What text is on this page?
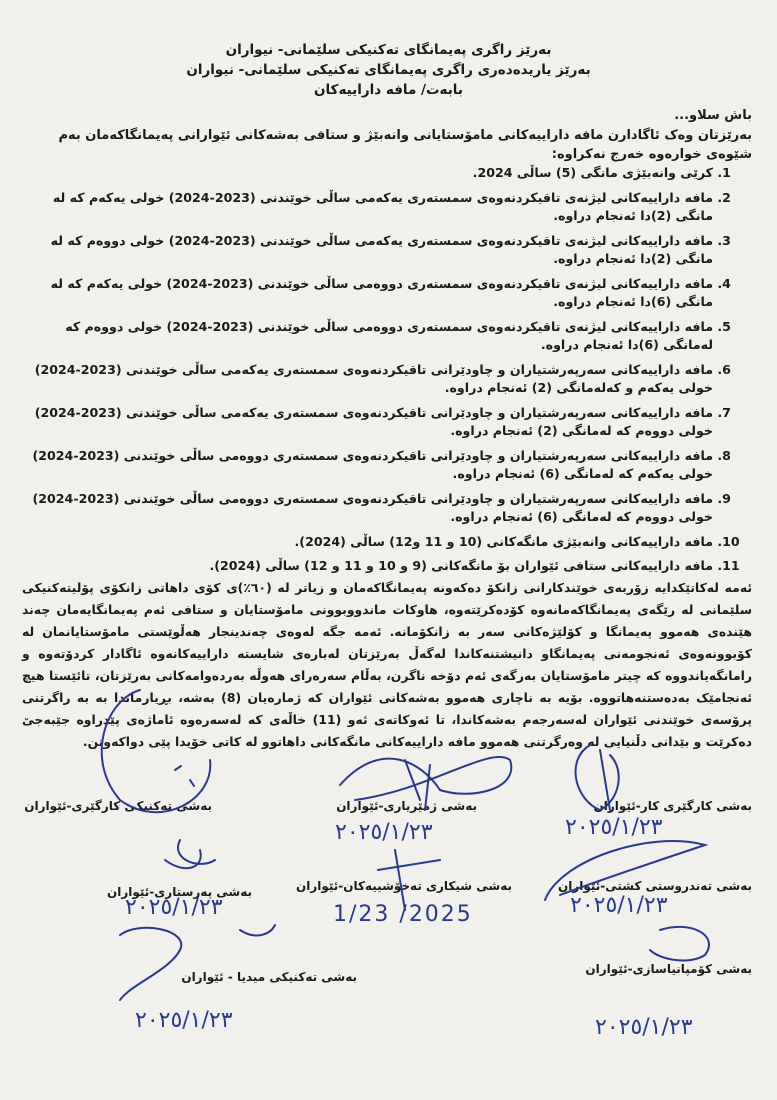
بەرێز راگری پەیمانگای تەکنیکی سلێمانی- نیواران
بەرێز یاریدەدەری راگری پەیمانگای تەکنیکی سلێمانی- نیواران
بابەت/ مافە داراییەکان
باش سلاو...
بەرێزتان وەک ئاگادارن مافە داراییەکانی مامۆستایانی وانەبێژ و ستافی بەشەکانی ئێوارانی پەیمانگاکەمان بەم شێوەی خوارەوە خەرج نەکراوە:
1. کرێی وانەبێژی مانگی (5) ساڵی 2024.
2. مافە داراییەکانی لیژنەی تاقیکردنەوەی سمستەری یەکەمی ساڵی خوێندنی (2023-2024) خولی یەکەم کە لە مانگی (2)دا ئەنجام دراوە.
3. مافە داراییەکانی لیژنەی تاقیکردنەوەی سمستەری یەکەمی ساڵی خوێندنی (2023-2024) خولی دووەم کە لە مانگی (2)دا ئەنجام دراوە.
4. مافە داراییەکانی لیژنەی تاقیکردنەوەی سمستەری دووەمی ساڵی خوێندنی (2023-2024) خولی یەکەم کە لە مانگی (6)دا ئەنجام دراوە.
5. مافە داراییەکانی لیژنەی تاقیکردنەوەی سمستەری دووەمی ساڵی خوێندنی (2023-2024) خولی دووەم کە لەمانگی (6)دا ئەنجام دراوە.
6. مافە داراییەکانی سەرپەرشتیاران و چاودێرانی تاقیکردنەوەی سمستەری یەکەمی ساڵی خوێندنی (2023-2024) خولی یەکەم و کەلەمانگی (2) ئەنجام دراوە.
7. مافە داراییەکانی سەرپەرشتیاران و چاودێرانی تاقیکردنەوەی سمستەری یەکەمی ساڵی خوێندنی (2023-2024) خولی دووەم کە لەمانگی (2) ئەنجام دراوە.
8. مافە داراییەکانی سەرپەرشتیاران و چاودێرانی تاقیکردنەوەی سمستەری دووەمی ساڵی خوێندنی (2023-2024) خولی یەکەم کە لەمانگی (6) ئەنجام دراوە.
9. مافە داراییەکانی سەرپەرشتیاران و چاودێرانی تاقیکردنەوەی سمستەری دووەمی ساڵی خوێندنی (2023-2024) خولی دووەم کە لەمانگی (6) ئەنجام دراوە.
10. مافە داراییەکانی وانەبێژی مانگەکانی (10 و 11 و12) ساڵی (2024).
11. مافە داراییەکانی ستافی ئێواران بۆ مانگەکانی (9 و 10 و 11 و 12) ساڵی (2024).
ئەمە لەکاتێکدایە زۆربەی خوێندکارانی زانکۆ دەکەونە پەیمانگاکەمان و زیاتر لە (٦٠٪)ی کۆی داهاتی زانکۆی پۆلیتەکنیکی سلێمانی لە رێگەی پەیمانگاکەمانەوە کۆدەکرێتەوە، هاوکات ماندووبوونی مامۆستایان و ستافی ئەم پەیمانگایەمان چەند هێندەی هەموو پەیمانگا و کۆلێژەکانی سەر بە زانکۆمانە. ئەمە جگە لەوەی چەندینجار هەڵوێستی مامۆستایانمان لە کۆبوونەوەی ئەنجومەنی پەیمانگاو دانیشتنەکاندا لەگەڵ بەرێزتان لەبارەی شایستە داراییەکانەوە ئاگادار کردۆتەوە و رامانگەیاندووە کە چیتر مامۆستایان بەرگەی ئەم دۆخە ناگرن، بەڵام سەرەرای هەوڵە بەردەوامەکانی بەرێزتان، تائێستا هیچ ئەنجامێک بەدەستنەهاتووە. بۆیە بە ناچاری هەموو بەشەکانی ئێواران کە ژمارەیان (8) بەشە، بڕیارماندا بە بە راگرتنی پرۆسەی خوێندنی ئێواران لەسەرجەم بەشەکاندا، تا ئەوکاتەی ئەو (11) خاڵەی کە لەسەرەوە ئاماژەی پێدراوە جێبەجێ دەکرێت و بێدانی دڵنیایی لە وەرگرتنی هەموو مافە داراییەکانی مانگەکانی داهاتوو لە کاتی خۆیدا پێی دواکەوتن.
بەشی تەکنیکی کارگێری-ئێواران	بەشی ژمێریاری-ئێواران	بەشی کارگێری کار-ئێواران
بەشی تەندروستی کشتی-ئێواران
بەشی شیکاری تەخۆشییەکان-ئێواران
بەشی پەرستاری-ئێواران
بەشی کۆمپانیاسازی-ئێواران
بەشی تەکنیکی میدیا - ئێواران
٢٠٢٥/١/٢٣	٢٠٢٥/١/٢٣
٢٠٢٥/١/٢٣	2025/ 1/23	٢٠٢٥/١/٢٣
٢٠٢٥/١/٢٣
٢٠٢٥/١/٢٣
